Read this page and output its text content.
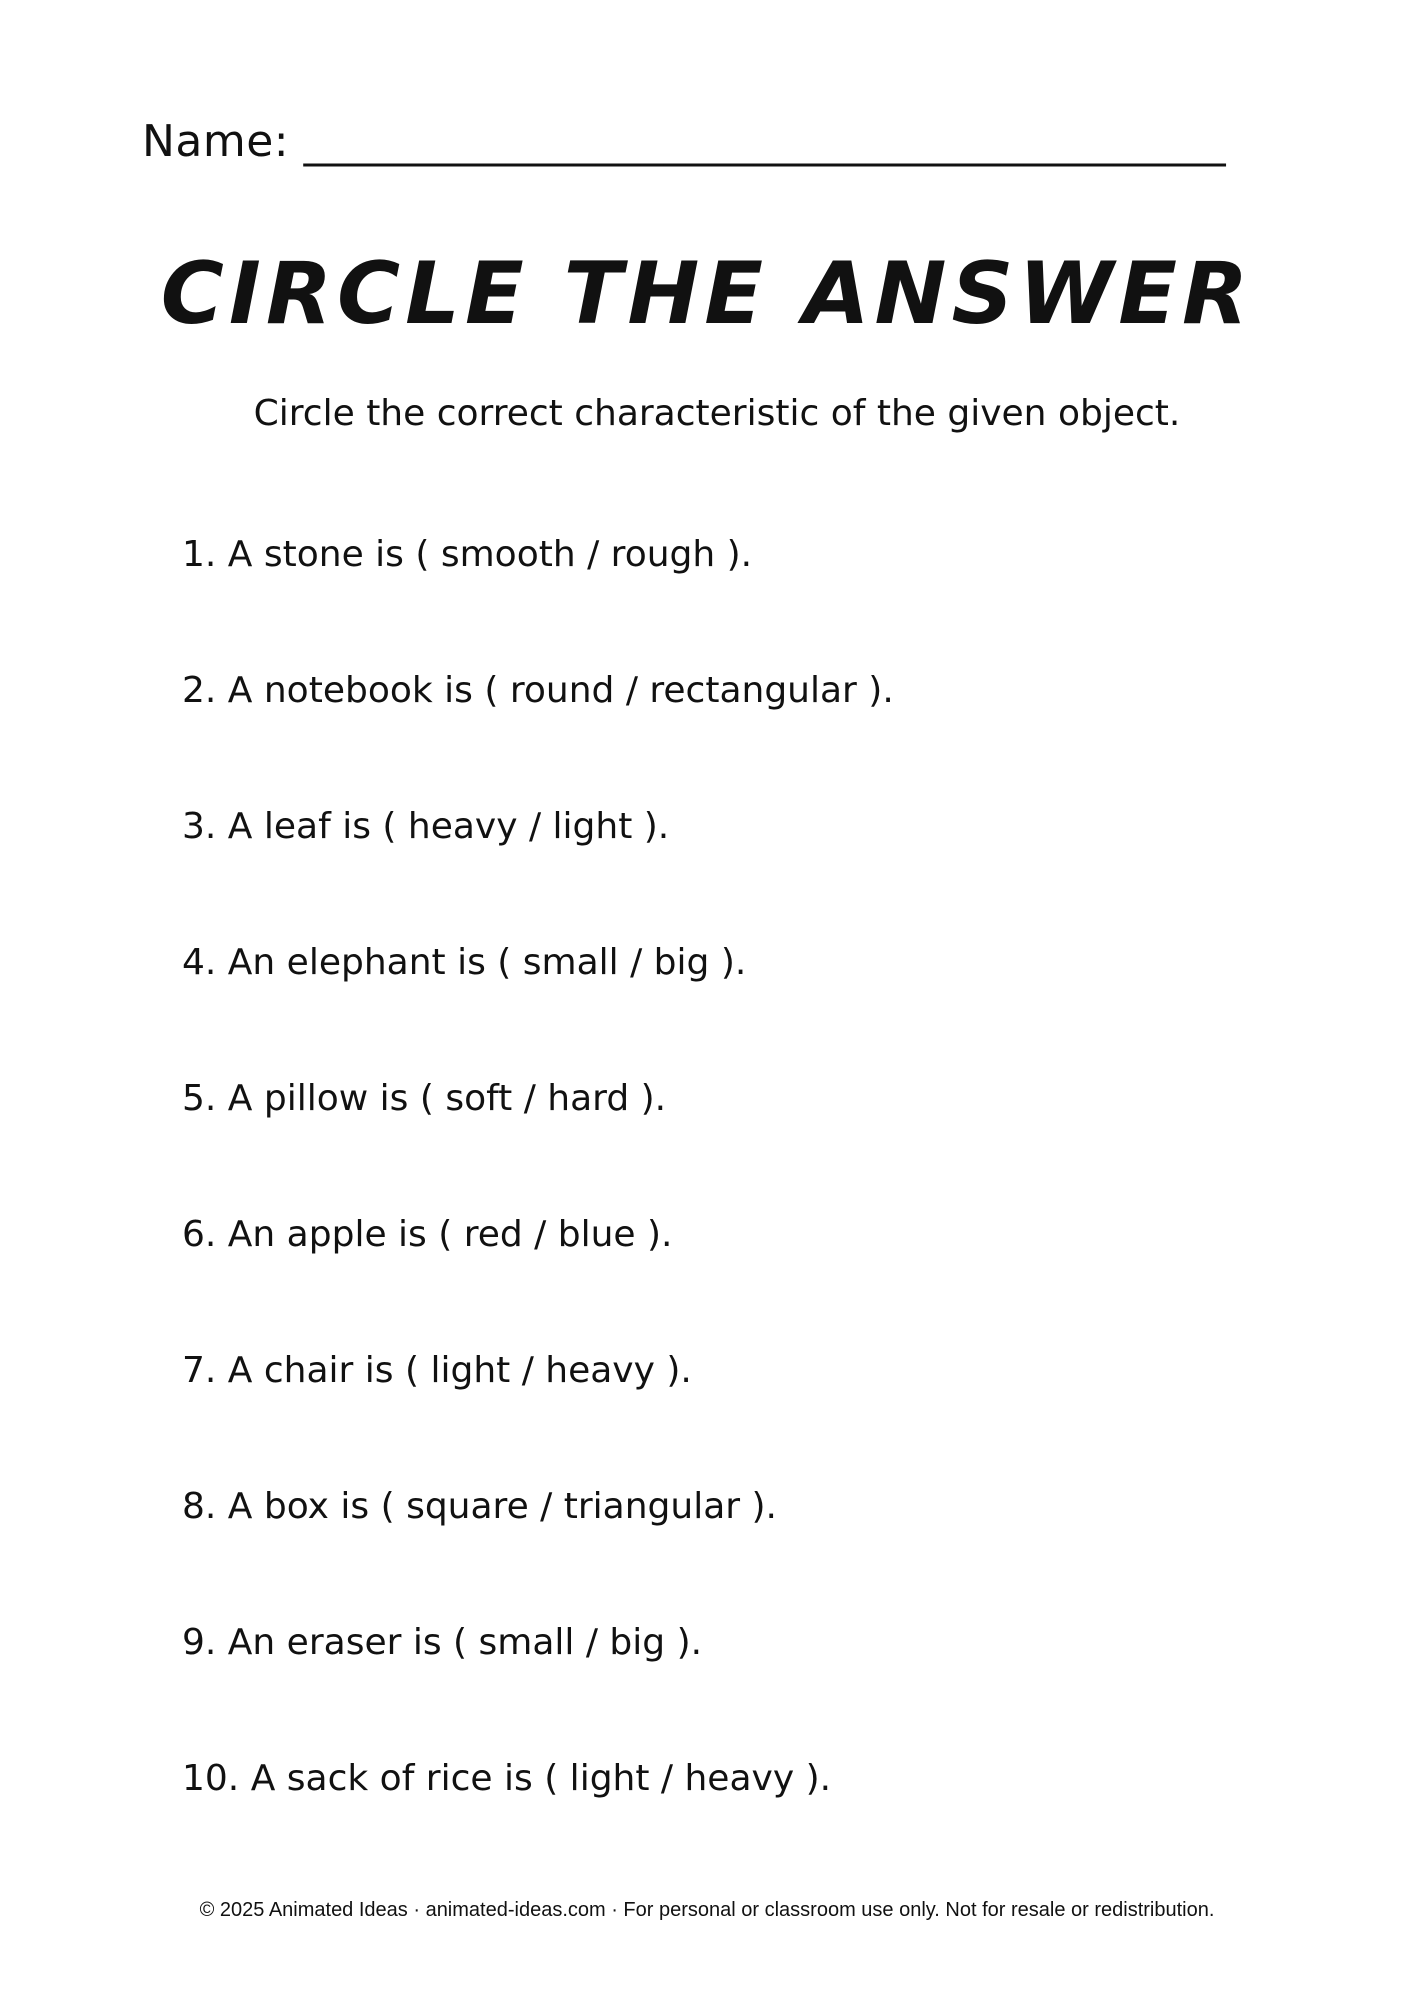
Name: _________________________________________
CIRCLE THE ANSWER
Circle the correct characteristic of the given object.
1. A stone is ( smooth / rough ).
2. A notebook is ( round / rectangular ).
3. A leaf is ( heavy / light ).
4. An elephant is ( small / big ).
5. A pillow is ( soft / hard ).
6. An apple is ( red / blue ).
7. A chair is ( light / heavy ).
8. A box is ( square / triangular ).
9. An eraser is ( small / big ).
10. A sack of rice is ( light / heavy ).
© 2025 Animated Ideas · animated-ideas.com · For personal or classroom use only. Not for resale or redistribution.
